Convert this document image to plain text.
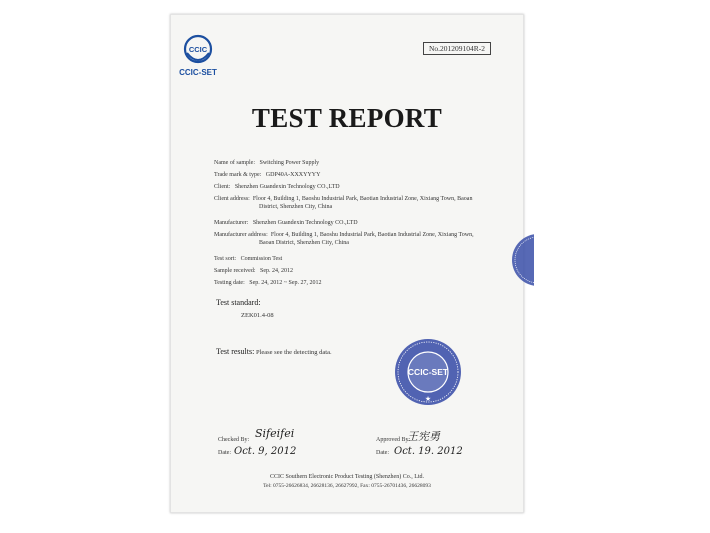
CCIC
CCIC-SET
No.201209104R-2
TEST REPORT
Name of sample: Switching Power Supply
Trade mark & type: GDP40A-XXXYYYY
Client: Shenzhen Guandexin Technology CO.,LTD
Client address: Floor 4, Building 1, Baoshu Industrial Park, Baotian Industrial Zone, Xixiang Town, Baoan
District, Shenzhen City, China
Manufacturer: Shenzhen Guandexin Technology CO.,LTD
Manufacturer address: Floor 4, Building 1, Baoshu Industrial Park, Baotian Industrial Zone, Xixiang Town,
Baoan District, Shenzhen City, China
Test sort: Commission Test
Sample received: Sep. 24, 2012
Testing date: Sep. 24, 2012 ~ Sep. 27, 2012
Test standard:
ZEK01.4-08
Test results: Please see the detecting data.
CCIC-SET
★
Checked By: Sifeifei
Date: Oct. 9, 2012
Approved By:
王宪勇
Date: Oct. 19. 2012
CCIC Southern Electronic Product Testing (Shenzhen) Co., Ltd.
Tel: 0755-26626834, 26628136, 26627992, Fax: 0755-26701436, 26628093
